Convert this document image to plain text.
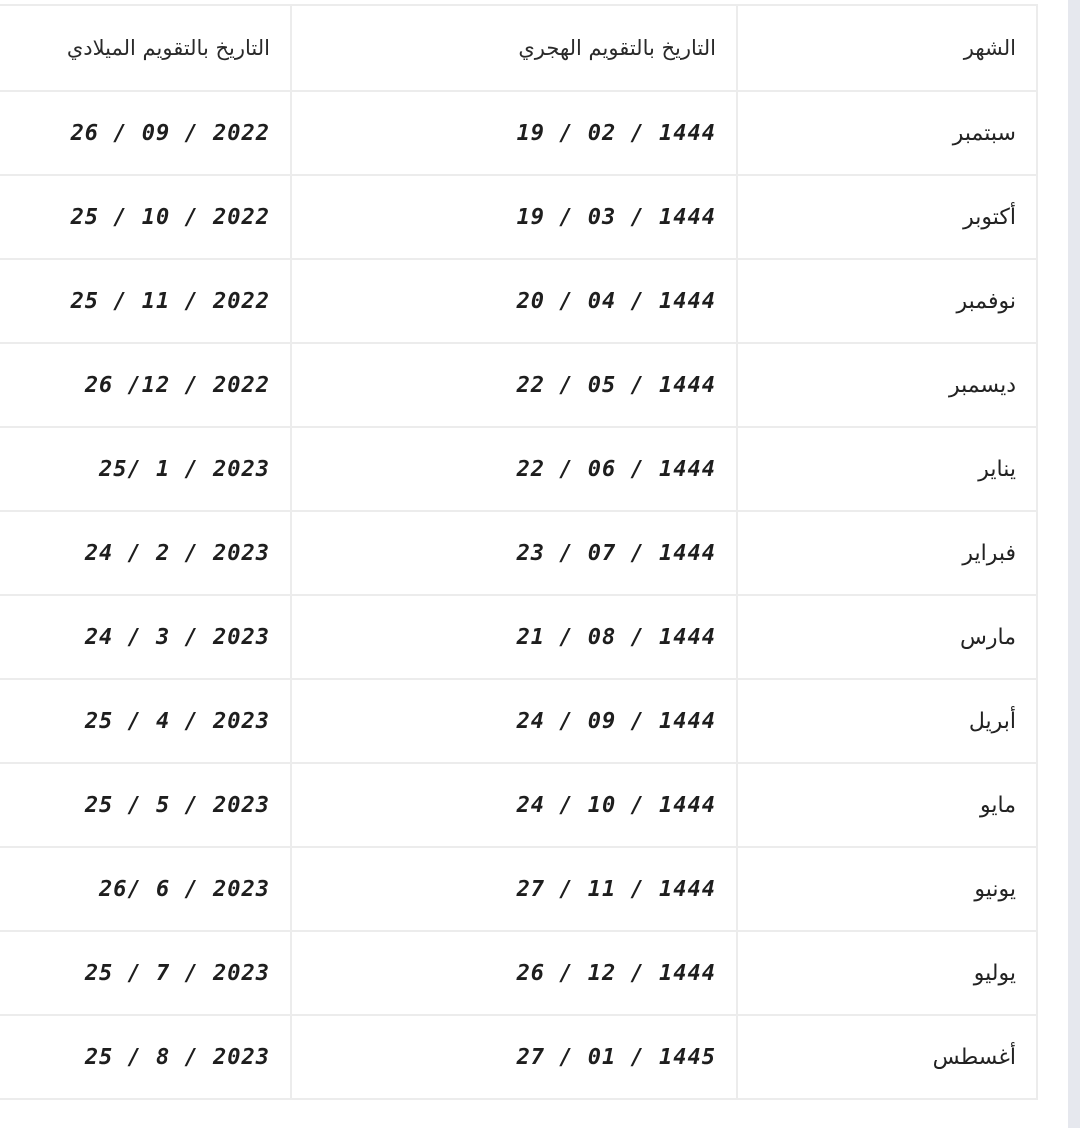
الشهر	التاريخ بالتقويم الهجري	التاريخ بالتقويم الميلادي
سبتمبر	19 / 02 / 1444	26 / 09 / 2022
أكتوبر	19 / 03 / 1444	25 / 10 / 2022
نوفمبر	20 / 04 / 1444	25 / 11 / 2022
ديسمبر	22 / 05 / 1444	26 /12 / 2022
يناير	22 / 06 / 1444	25/ 1 / 2023
فبراير	23 / 07 / 1444	24 / 2 / 2023
مارس	21 / 08 / 1444	24 / 3 / 2023
أبريل	24 / 09 / 1444	25 / 4 / 2023
مايو	24 / 10 / 1444	25 / 5 / 2023
يونيو	27 / 11 / 1444	26/ 6 / 2023
يوليو	26 / 12 / 1444	25 / 7 / 2023
أغسطس	27 / 01 / 1445	25 / 8 / 2023
